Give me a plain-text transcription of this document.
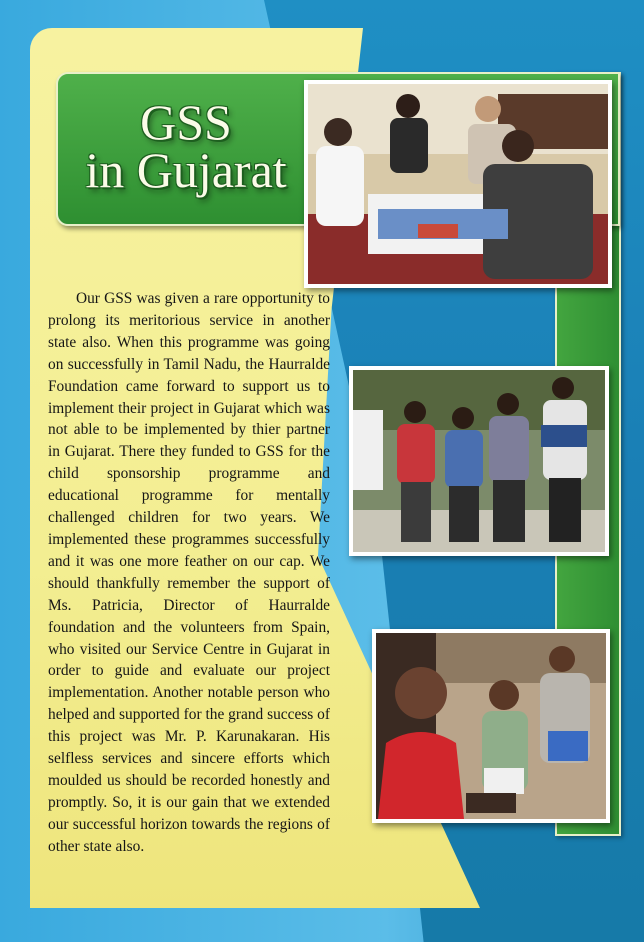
GSS
in Gujarat

Our GSS was given a rare opportunity to prolong its meritorious service in another state also. When this programme was going on successfully in Tamil Nadu, the Haurralde Foundation came forward to support us to implement their project in Gujarat which was not able to be implemented by thier partner in Gujarat. There they funded to GSS for the child sponsorship programme and educational programme for mentally challenged children for two years. We implemented these programmes successfully and it was one more feather on our cap. We should thankfully remember the support of Ms. Patricia, Director of Haurralde foundation and the volunteers from Spain, who visited our Service Centre in Gujarat in order to guide and evaluate our project implementation. Another notable person who helped and supported for the grand success of this project was Mr. P. Karunakaran. His selfless services and sincere efforts which moulded us should be recorded honestly and promptly. So, it is our gain that we extended our successful horizon towards the regions of other state also.
